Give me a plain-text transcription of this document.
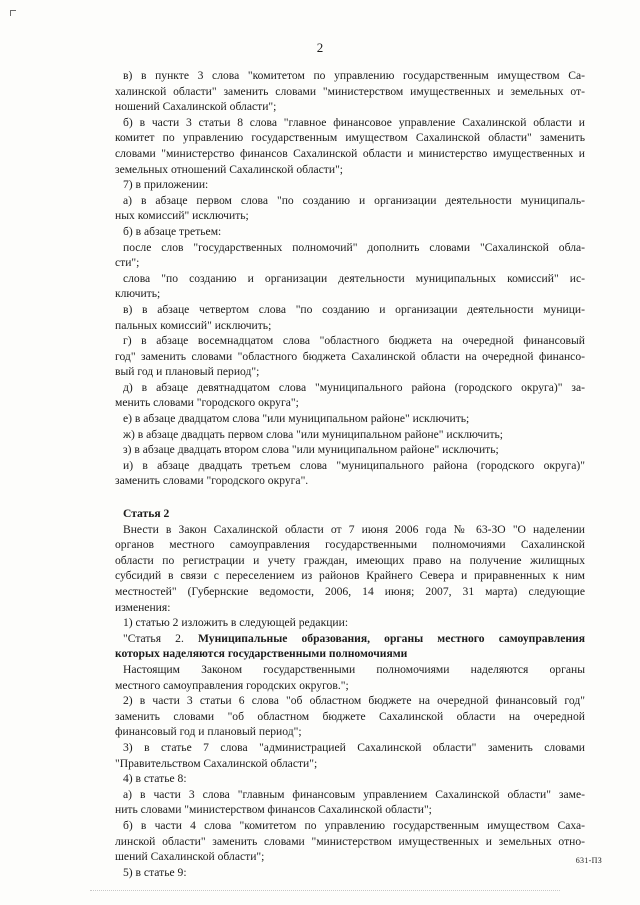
2
в) в пункте 3 слова "комитетом по управлению государственным имуществом Са-
халинской области" заменить словами "министерством имущественных и земельных от-
ношений Сахалинской области";
б) в части 3 статьи 8 слова "главное финансовое управление Сахалинской области и
комитет по управлению государственным имуществом Сахалинской области" заменить
словами "министерство финансов Сахалинской области и министерство имущественных и
земельных отношений Сахалинской области";
7) в приложении:
а) в абзаце первом слова "по созданию и организации деятельности муниципаль-
ных комиссий" исключить;
б) в абзаце третьем:
после слов "государственных полномочий" дополнить словами "Сахалинской обла-
сти";
слова "по созданию и организации деятельности муниципальных комиссий" ис-
ключить;
в) в абзаце четвертом слова "по созданию и организации деятельности муници-
пальных комиссий" исключить;
г) в абзаце восемнадцатом слова "областного бюджета на очередной финансовый
год" заменить словами "областного бюджета Сахалинской области на очередной финансо-
вый год и плановый период";
д) в абзаце девятнадцатом слова "муниципального района (городского округа)" за-
менить словами "городского округа";
е) в абзаце двадцатом слова "или муниципальном районе" исключить;
ж) в абзаце двадцать первом слова "или муниципальном районе" исключить;
з) в абзаце двадцать втором слова "или муниципальном районе" исключить;
и) в абзаце двадцать третьем слова "муниципального района (городского округа)"
заменить словами "городского округа".
Статья 2
Внести в Закон Сахалинской области от 7 июня 2006 года № 63-ЗО "О наделении
органов местного самоуправления государственными полномочиями Сахалинской
области по регистрации и учету граждан, имеющих право на получение жилищных
субсидий в связи с переселением из районов Крайнего Севера и приравненных к ним
местностей" (Губернские ведомости, 2006, 14 июня; 2007, 31 марта) следующие
изменения:
1) статью 2 изложить в следующей редакции:
"Статья 2. Муниципальные образования, органы местного самоуправления
которых наделяются государственными полномочиями
Настоящим Законом государственными полномочиями наделяются органы
местного самоуправления городских округов.";
2) в части 3 статьи 6 слова "об областном бюджете на очередной финансовый год"
заменить словами "об областном бюджете Сахалинской области на очередной
финансовый год и плановый период";
3) в статье 7 слова "администрацией Сахалинской области" заменить словами
"Правительством Сахалинской области";
4) в статье 8:
а) в части 3 слова "главным финансовым управлением Сахалинской области" заме-
нить словами "министерством финансов Сахалинской области";
б) в части 4 слова "комитетом по управлению государственным имуществом Саха-
линской области" заменить словами "министерством имущественных и земельных отно-
шений Сахалинской области";
5) в статье 9:
631-ПЗ
